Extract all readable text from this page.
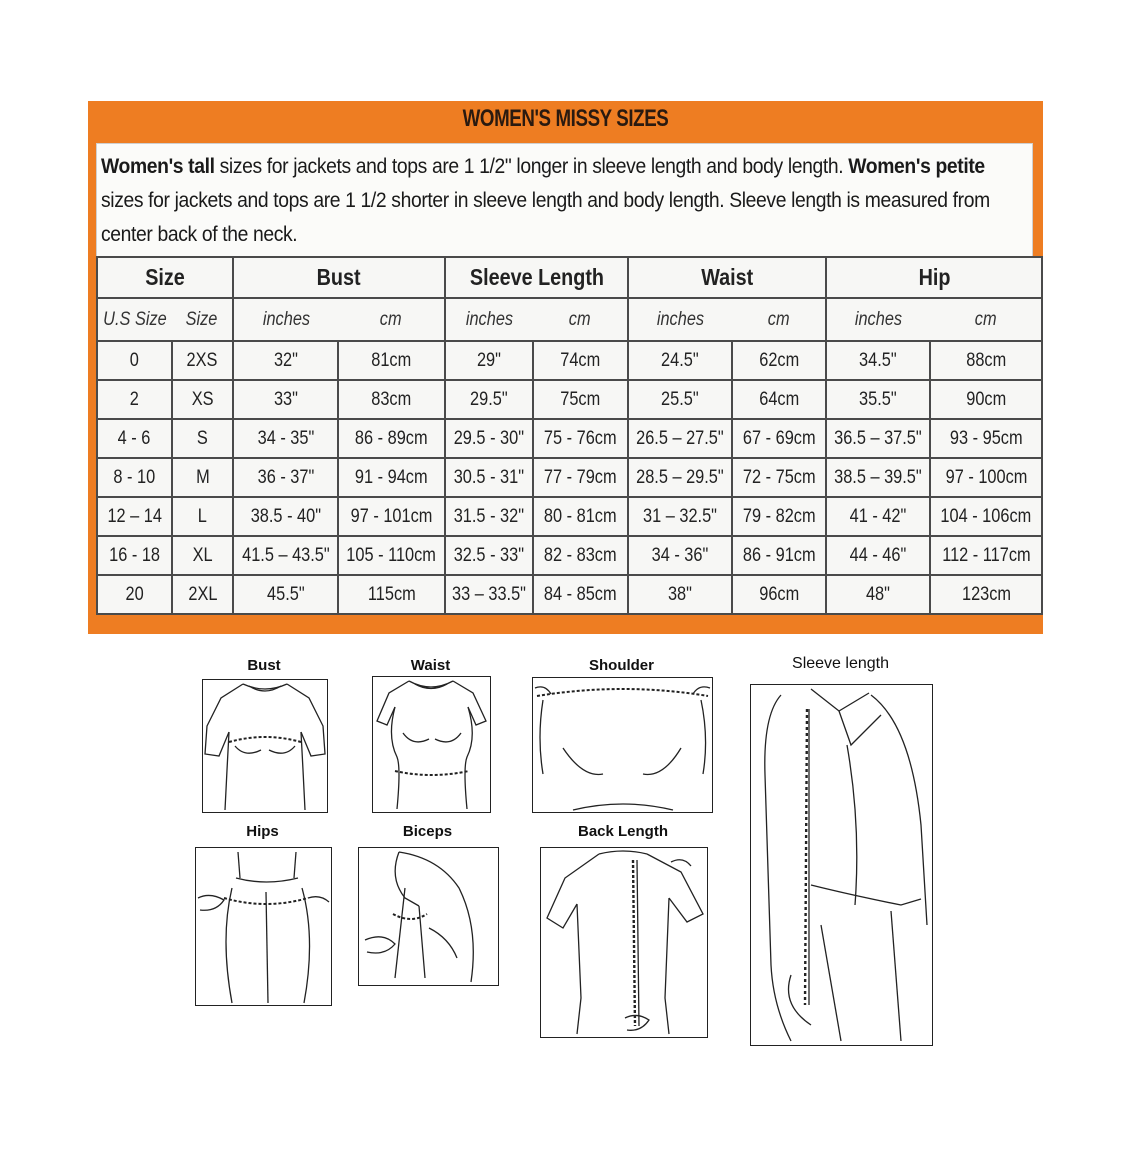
WOMEN'S MISSY SIZES
Women's tall sizes for jackets and tops are 1 1/2" longer in sleeve length and body length. Women's petite sizes for jackets and tops are 1 1/2 shorter in sleeve length and body length. Sleeve length is measured from center back of the neck.
Size		Bust		Sleeve Length		Waist		Hip	
U.S Size	Size	inches	cm	inches	cm	inches	cm	inches	cm
0	2XS	32"	81cm	29"	74cm	24.5"	62cm	34.5"	88cm
2	XS	33"	83cm	29.5"	75cm	25.5"	64cm	35.5"	90cm
4 - 6	S	34 - 35"	86 - 89cm	29.5 - 30"	75 - 76cm	26.5 – 27.5"	67 - 69cm	36.5 – 37.5"	93 - 95cm
8 - 10	M	36 - 37"	91 - 94cm	30.5 - 31"	77 - 79cm	28.5 – 29.5"	72 - 75cm	38.5 – 39.5"	97 - 100cm
12 – 14	L	38.5 - 40"	97 - 101cm	31.5 - 32"	80 - 81cm	31 – 32.5"	79 - 82cm	41 - 42"	104 - 106cm
16 - 18	XL	41.5 – 43.5"	105 - 110cm	32.5 - 33"	82 - 83cm	34 - 36"	86 - 91cm	44 - 46"	112 - 117cm
20	2XL	45.5"	115cm	33 – 33.5"	84 - 85cm	38"	96cm	48"	123cm
Bust	Waist	Shoulder	Sleeve length
Hips	Biceps	Back Length
